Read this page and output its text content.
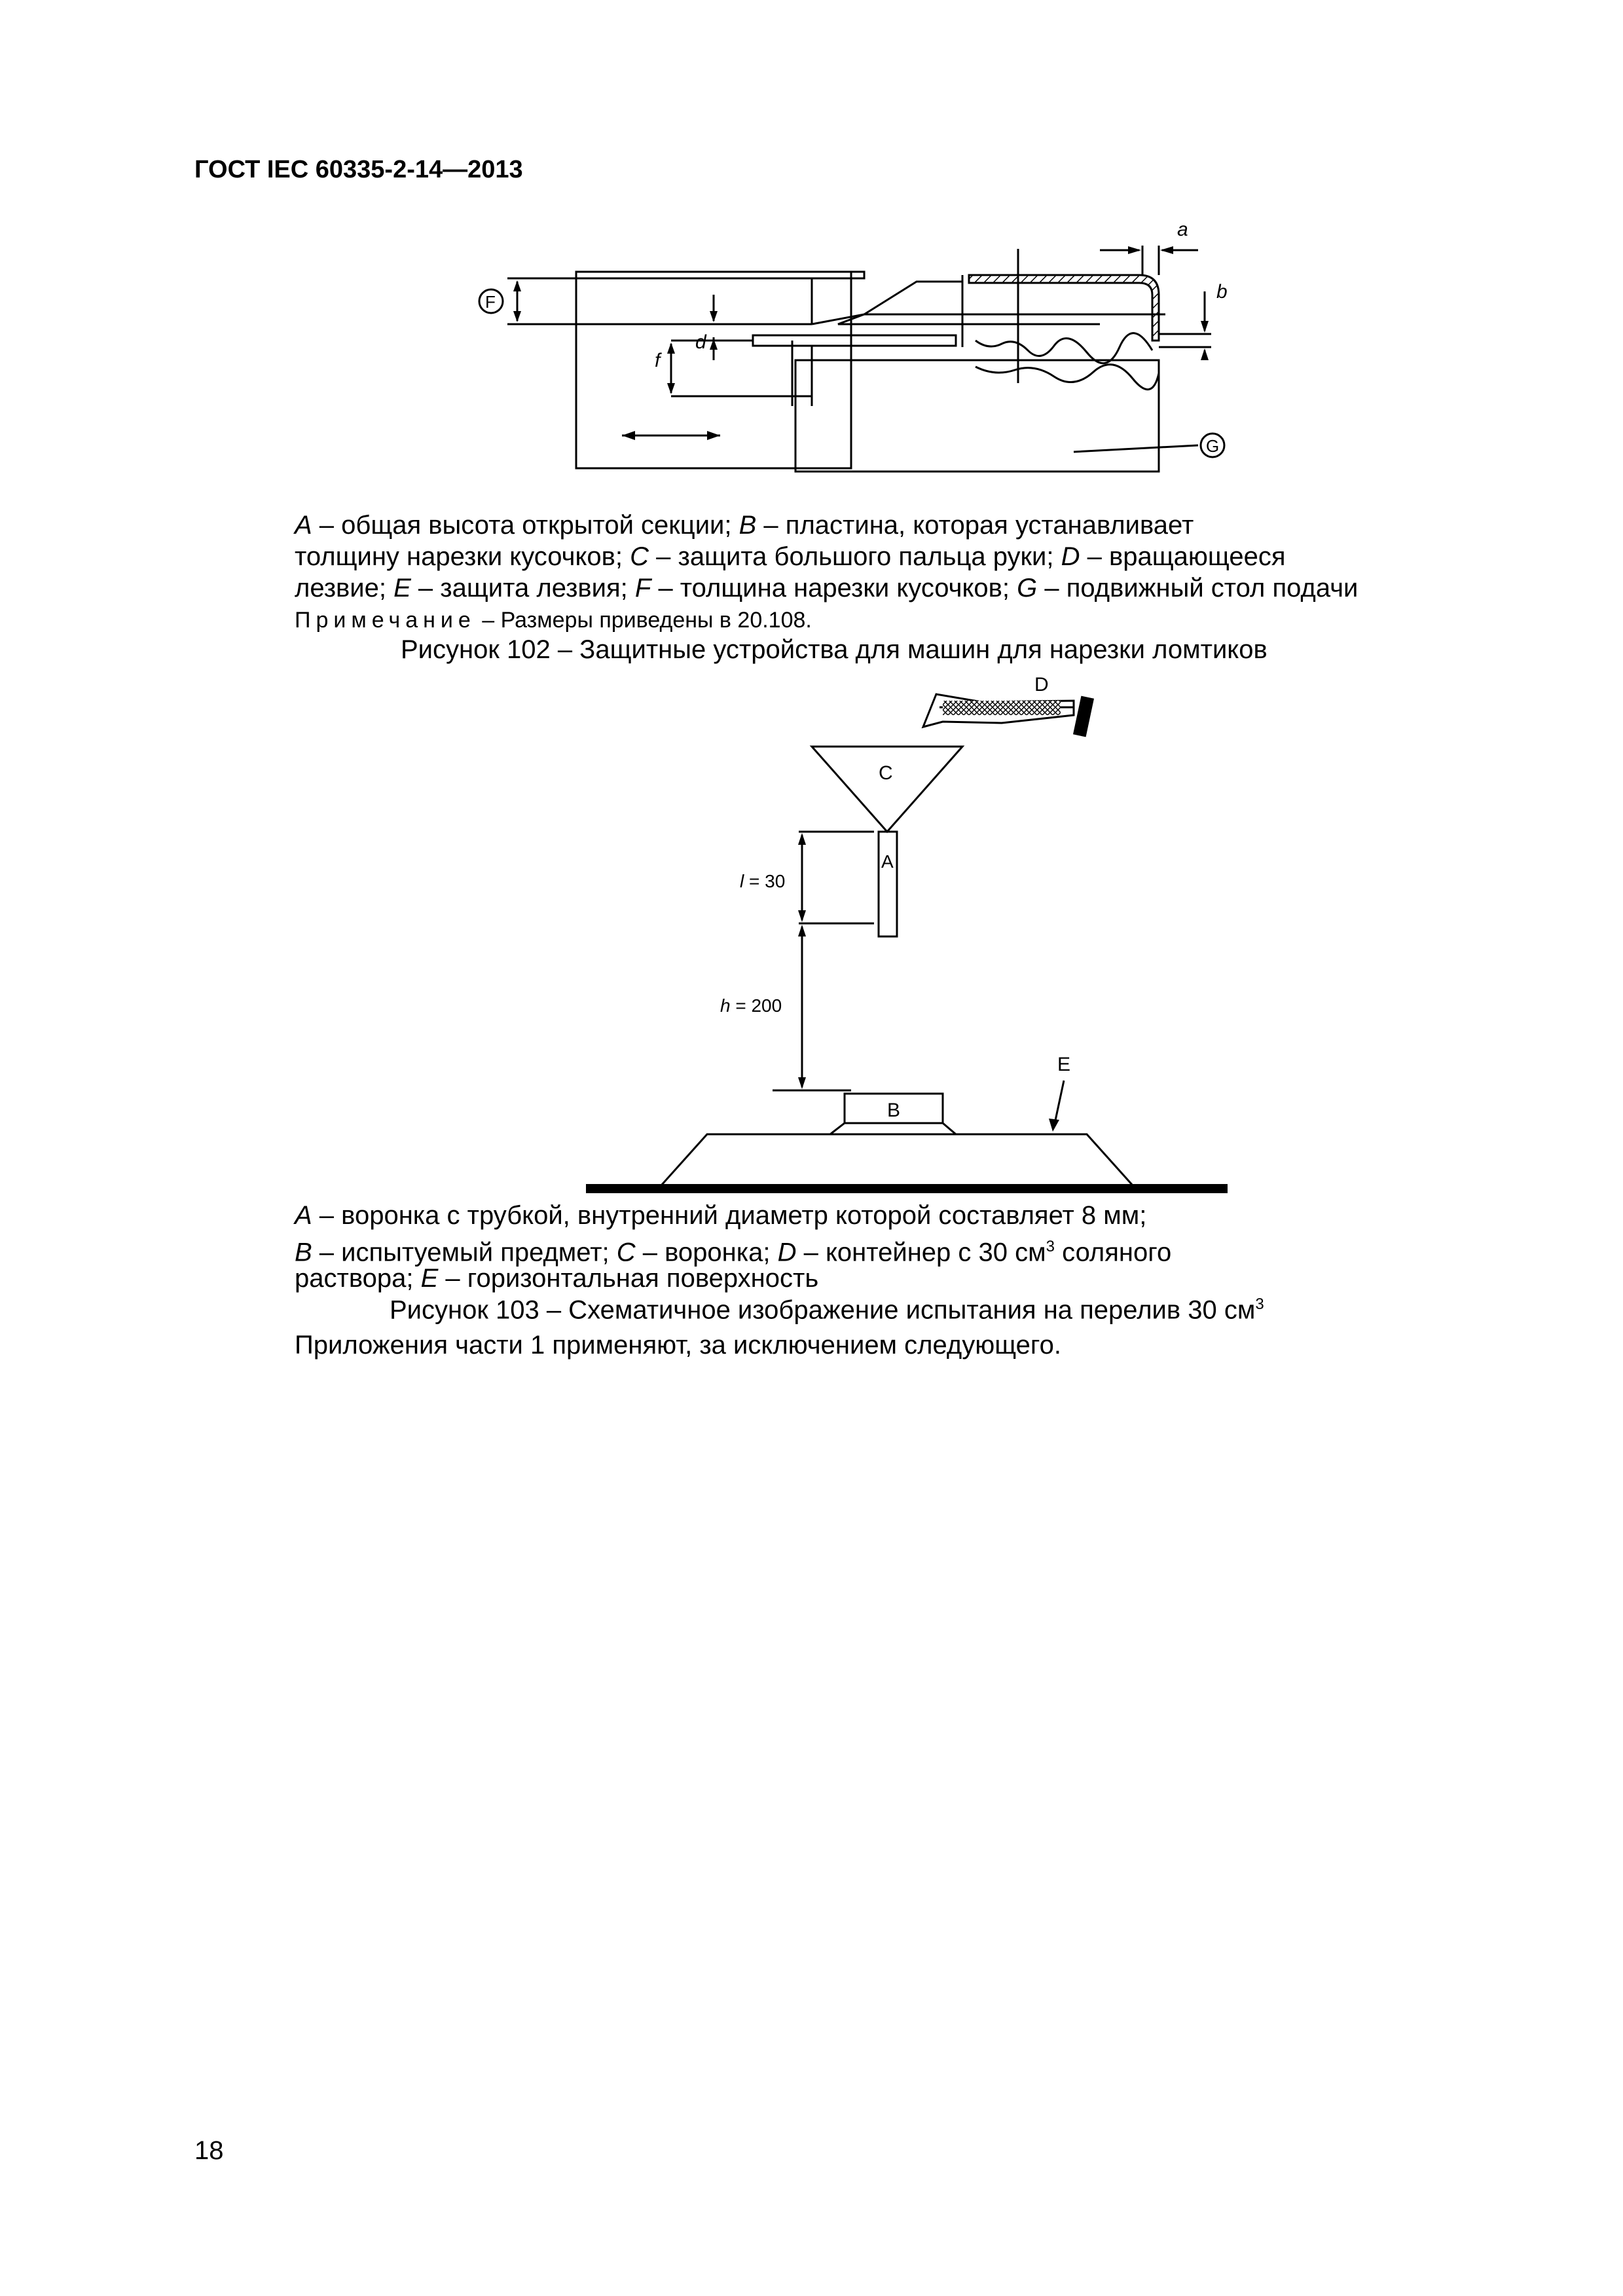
ГОСТ IEC 60335-2-14—2013
a
b
d
f
F
G
A – общая высота открытой секции; B – пластина, которая устанавливает
толщину нарезки кусочков; C – защита большого пальца руки; D – вращающееся
лезвие; E – защита лезвия; F – толщина нарезки кусочков; G – подвижный стол подачи
Примечание – Размеры приведены в 20.108.
Рисунок 102 – Защитные устройства для машин для нарезки ломтиков
D
C
A
l = 30
h = 200
B
E
A – воронка с трубкой, внутренний диаметр которой составляет 8 мм;
B – испытуемый предмет; C – воронка; D – контейнер с 30 $см^3$ соляного
раствора; E – горизонтальная поверхность
Рисунок 103 – Схематичное изображение испытания на перелив 30 $см^3$
Приложения части 1 применяют, за исключением следующего.
18
